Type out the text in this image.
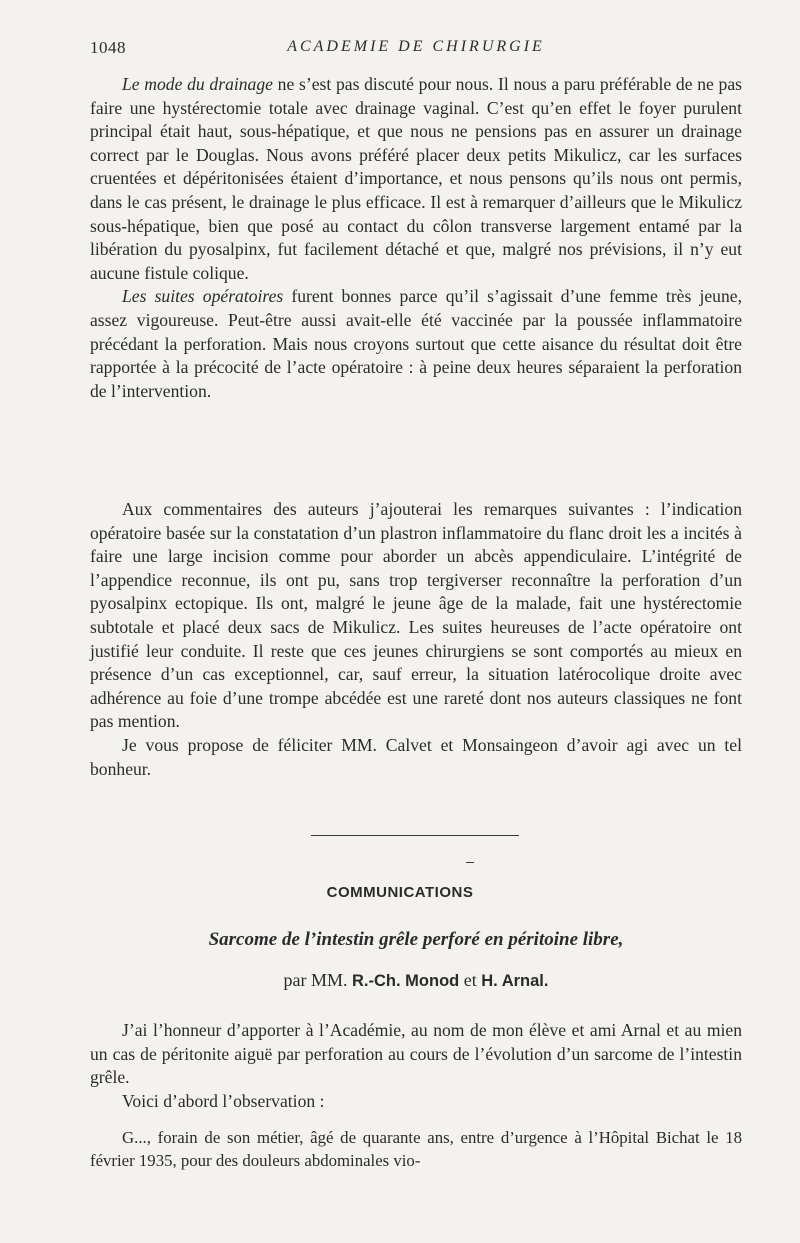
1048	ACADEMIE DE CHIRURGIE

Le mode du drainage ne s’est pas discuté pour nous. Il nous a paru préférable de ne pas faire une hystérectomie totale avec drainage vaginal. C’est qu’en effet le foyer purulent principal était haut, sous-hépatique, et que nous ne pensions pas en assurer un drainage correct par le Douglas. Nous avons préféré placer deux petits Mikulicz, car les surfaces cruentées et dépéritonisées étaient d’importance, et nous pensons qu’ils nous ont permis, dans le cas présent, le drainage le plus efficace. Il est à remarquer d’ailleurs que le Mikulicz sous-hépatique, bien que posé au contact du côlon transverse largement entamé par la libération du pyosalpinx, fut facilement détaché et que, malgré nos prévisions, il n’y eut aucune fistule colique.

Les suites opératoires furent bonnes parce qu’il s’agissait d’une femme très jeune, assez vigoureuse. Peut-être aussi avait-elle été vaccinée par la poussée inflammatoire précédant la perforation. Mais nous croyons surtout que cette aisance du résultat doit être rapportée à la précocité de l’acte opératoire : à peine deux heures séparaient la perforation de l’intervention.

Aux commentaires des auteurs j’ajouterai les remarques suivantes : l’indication opératoire basée sur la constatation d’un plastron inflammatoire du flanc droit les a incités à faire une large incision comme pour aborder un abcès appendiculaire. L’intégrité de l’appendice reconnue, ils ont pu, sans trop tergiverser reconnaître la perforation d’un pyosalpinx ectopique. Ils ont, malgré le jeune âge de la malade, fait une hystérectomie subtotale et placé deux sacs de Mikulicz. Les suites heureuses de l’acte opératoire ont justifié leur conduite. Il reste que ces jeunes chirurgiens se sont comportés au mieux en présence d’un cas exceptionnel, car, sauf erreur, la situation latérocolique droite avec adhérence au foie d’une trompe abcédée est une rareté dont nos auteurs classiques ne font pas mention.

Je vous propose de féliciter MM. Calvet et Monsaingeon d’avoir agi avec un tel bonheur.

COMMUNICATIONS
Sarcome de l’intestin grêle perforé en péritoine libre,
par MM. R.-Ch. Monod et H. Arnal.

J’ai l’honneur d’apporter à l’Académie, au nom de mon élève et ami Arnal et au mien un cas de péritonite aiguë par perforation au cours de l’évolution d’un sarcome de l’intestin grêle.

Voici d’abord l’observation :

G..., forain de son métier, âgé de quarante ans, entre d’urgence à l’Hôpital Bichat le 18 février 1935, pour des douleurs abdominales vio-
